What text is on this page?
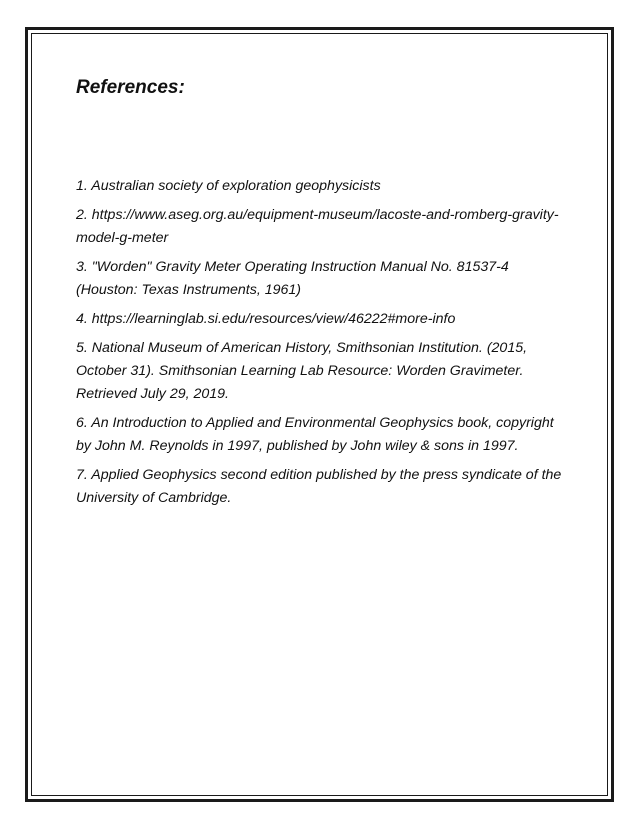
References:
1. Australian society of exploration geophysicists
2. https://www.aseg.org.au/equipment-museum/lacoste-and-romberg-gravity-model-g-meter
3. "Worden" Gravity Meter Operating Instruction Manual No. 81537-4 (Houston: Texas Instruments, 1961)
4. https://learninglab.si.edu/resources/view/46222#more-info
5. National Museum of American History, Smithsonian Institution. (2015, October 31). Smithsonian Learning Lab Resource: Worden Gravimeter. Retrieved July 29, 2019.
6. An Introduction to Applied and Environmental Geophysics book, copyright by John M. Reynolds in 1997, published by John wiley & sons in 1997.
7. Applied Geophysics second edition published by the press syndicate of the University of Cambridge.
